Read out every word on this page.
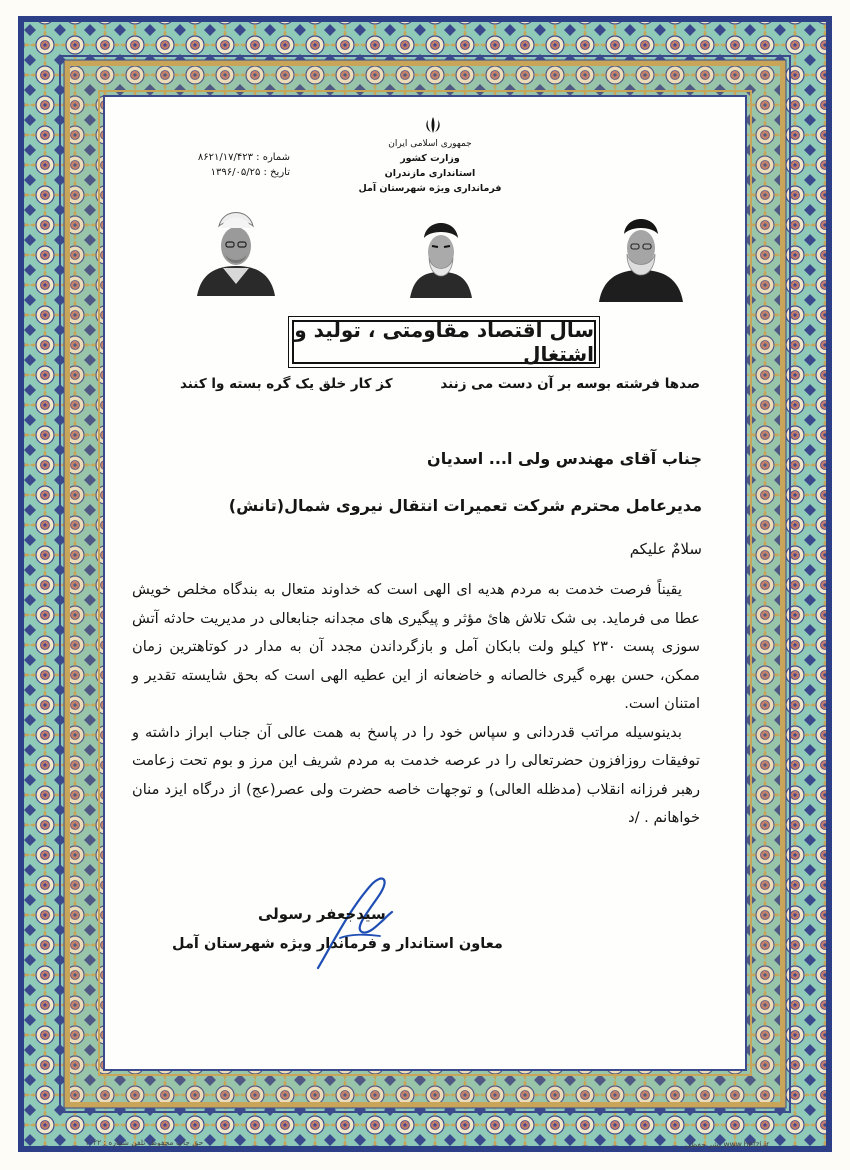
جمهوری اسلامی ایران
وزارت کشور
استانداری مازندران
فرمانداری ویژه شهرستان آمل
شماره : ۸۶۲۱/۱۷/۴۲۳
تاریخ : ۱۳۹۶/۰۵/۲۵
سال اقتصاد مقاومتی ، تولید و اشتغال
صدها فرشته بوسه بر آن دست می زنند
کز کار خلق یک گره بسته وا کنند
جناب آقای مهندس ولی ا... اسدیان
مدیرعامل محترم شرکت تعمیرات انتقال نیروی شمال(تانش)
سلامٌ علیکم

یقیناً فرصت خدمت به مردم هدیه ای الهی است که خداوند متعال به بندگاه مخلص خویش عطا می فرماید. بی شک تلاش هایٔ مؤثر و پیگیری های مجدانه جنابعالی در مدیریت حادثه آتش سوزی پست ۲۳۰ کیلو ولت بابکان آمل و بازگرداندن مجدد آن به مدار در کوتاهترین زمان ممکن، حسن بهره گیری خالصانه و خاضعانه از این عطیه الهی است که بحق شایسته تقدیر و امتنان است.

بدینوسیله مراتب قدردانی و سپاس خود را در پاسخ به همت عالی آن جناب ابراز داشته و توفیقات روزافزون حضرتعالی را در عرصه خدمت به مردم شریف این مرز و بوم تحت زعامت رهبر فرزانه انقلاب (مدظله العالی) و توجهات خاصه حضرت ولی عصر(عج) از درگاه ایزد منان خواهانم . /د

سیدجعفر رسولی
معاون استاندار و فرماندار ویژه شهرستان آمل
حق چاپ محفوظ. تلفن شماره : ۱۰۲۲	www.hefzi.ir نشر حفظی
